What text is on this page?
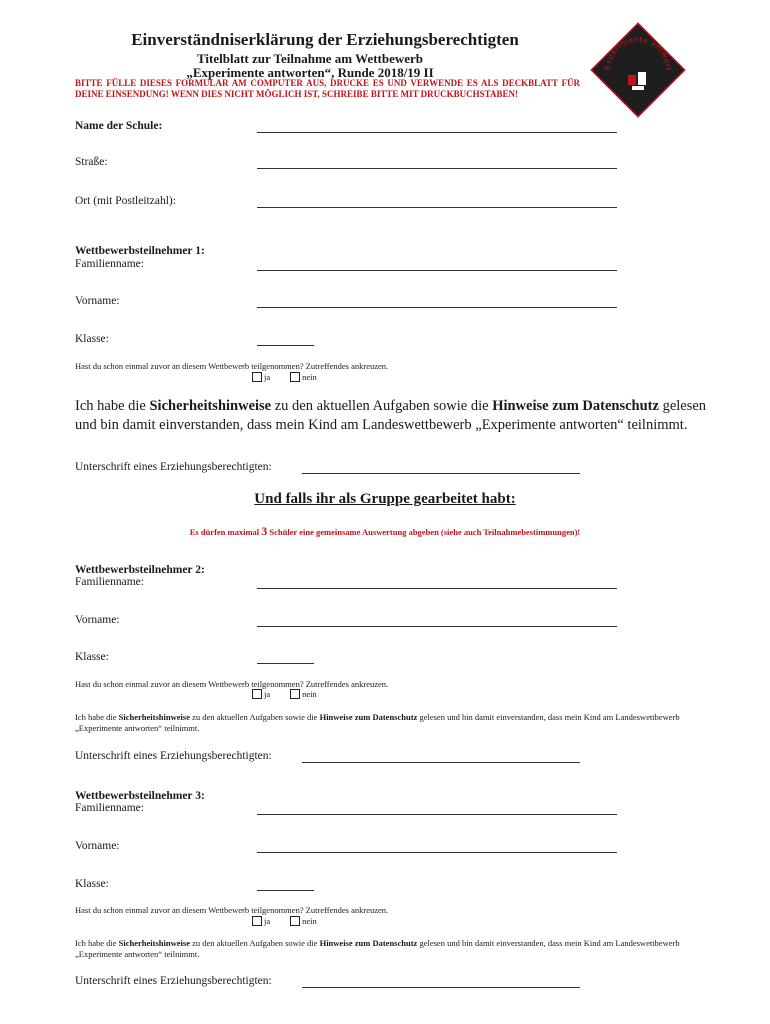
Einverständniserklärung der Erziehungsberechtigten
Titelblatt zur Teilnahme am Wettbewerb
„Experimente antworten“, Runde 2018/19 II
BITTE FÜLLE DIESES FORMULAR AM COMPUTER AUS, DRUCKE ES UND VERWENDE ES ALS DECKBLATT FÜR DEINE EINSENDUNG! WENN DIES NICHT MÖGLICH IST, SCHREIBE BITTE MIT DRUCKBUCHSTABEN!
Experimente antwort
Name der Schule:
Straße:
Ort (mit Postleitzahl):
Wettbewerbsteilnehmer 1:
Familienname:
Vorname:
Klasse:
Hast du schon einmal zuvor an diesem Wettbewerb teilgenommen? Zutreffendes ankreuzen.
ja	nein
Ich habe die Sicherheitshinweise zu den aktuellen Aufgaben sowie die Hinweise zum Datenschutz gelesen und bin damit einverstanden, dass mein Kind am Landeswettbewerb „Experimente antworten“ teilnimmt.
Unterschrift eines Erziehungsberechtigten:
Und falls ihr als Gruppe gearbeitet habt:
Es dürfen maximal 3 Schüler eine gemeinsame Auswertung abgeben (siehe auch Teilnahmebestimmungen)!
Wettbewerbsteilnehmer 2:
Familienname:
Vorname:
Klasse:
Hast du schon einmal zuvor an diesem Wettbewerb teilgenommen? Zutreffendes ankreuzen.
ja	nein
Ich habe die Sicherheitshinweise zu den aktuellen Aufgaben sowie die Hinweise zum Datenschutz gelesen und bin damit einverstanden, dass mein Kind am Landeswettbewerb „Experimente antworten“ teilnimmt.
Unterschrift eines Erziehungsberechtigten:
Wettbewerbsteilnehmer 3:
Familienname:
Vorname:
Klasse:
Hast du schon einmal zuvor an diesem Wettbewerb teilgenommen? Zutreffendes ankreuzen.
ja	nein
Ich habe die Sicherheitshinweise zu den aktuellen Aufgaben sowie die Hinweise zum Datenschutz gelesen und bin damit einverstanden, dass mein Kind am Landeswettbewerb „Experimente antworten“ teilnimmt.
Unterschrift eines Erziehungsberechtigten:
